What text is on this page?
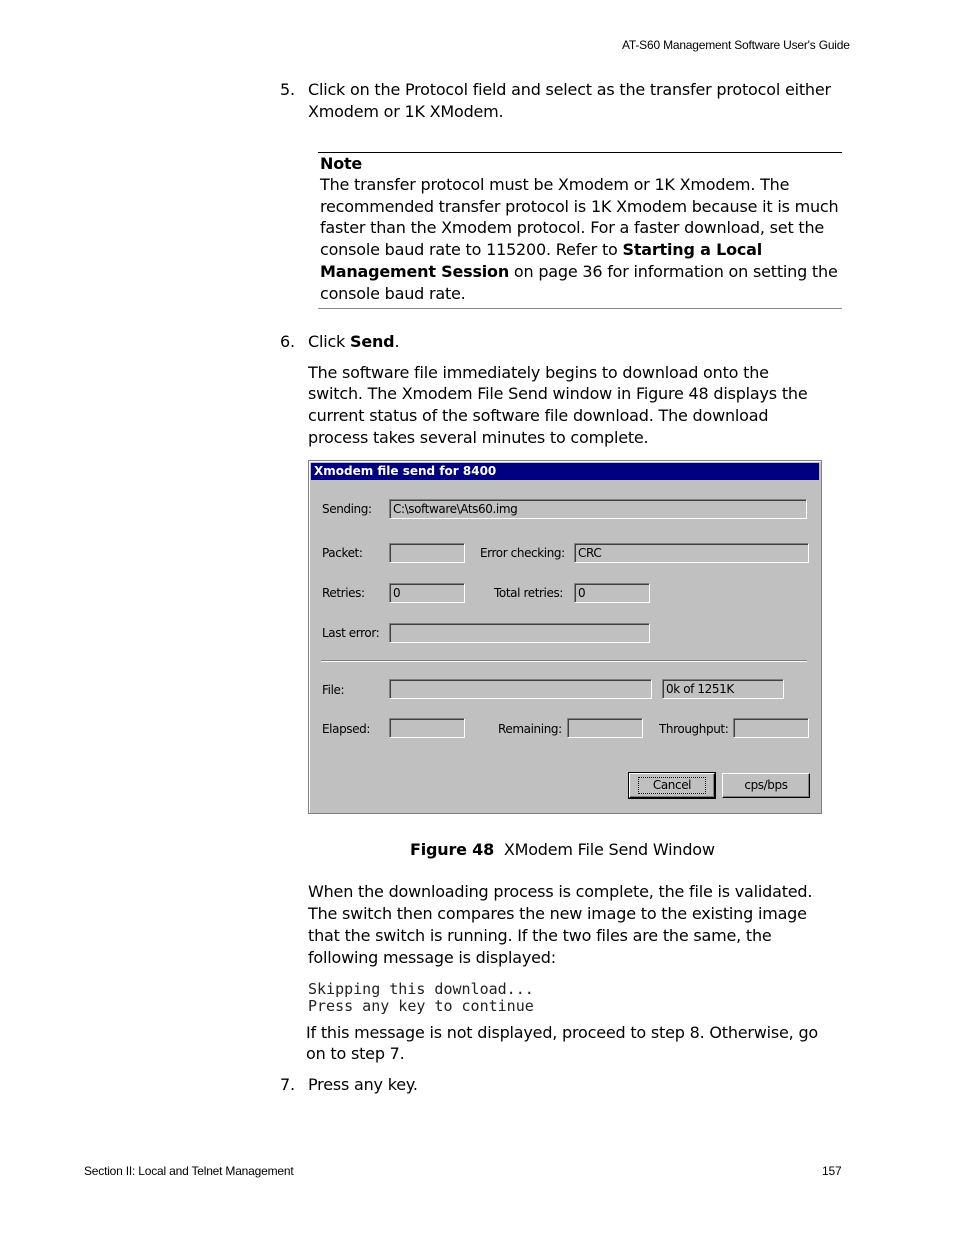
AT-S60 Management Software User's Guide
5. Click on the Protocol field and select as the transfer protocol either
Xmodem or 1K XModem.
Note
The transfer protocol must be Xmodem or 1K Xmodem. The
recommended transfer protocol is 1K Xmodem because it is much
faster than the Xmodem protocol. For a faster download, set the
console baud rate to 115200. Refer to Starting a Local
Management Session on page 36 for information on setting the
console baud rate.
6. Click Send.
The software file immediately begins to download onto the
switch. The Xmodem File Send window in Figure 48 displays the
current status of the software file download. The download
process takes several minutes to complete.
Xmodem file send for 8400
Sending:	C:\software\Ats60.img
Packet:	Error checking:	CRC
Retries:	0	Total retries:	0
Last error:
File:	0k of 1251K
Elapsed:	Remaining:	Throughput:
Cancel	cps/bps
Figure 48 XModem File Send Window
When the downloading process is complete, the file is validated.
The switch then compares the new image to the existing image
that the switch is running. If the two files are the same, the
following message is displayed:
Skipping this download...
Press any key to continue
If this message is not displayed, proceed to step 8. Otherwise, go
on to step 7.
7. Press any key.
Section II: Local and Telnet Management	157
